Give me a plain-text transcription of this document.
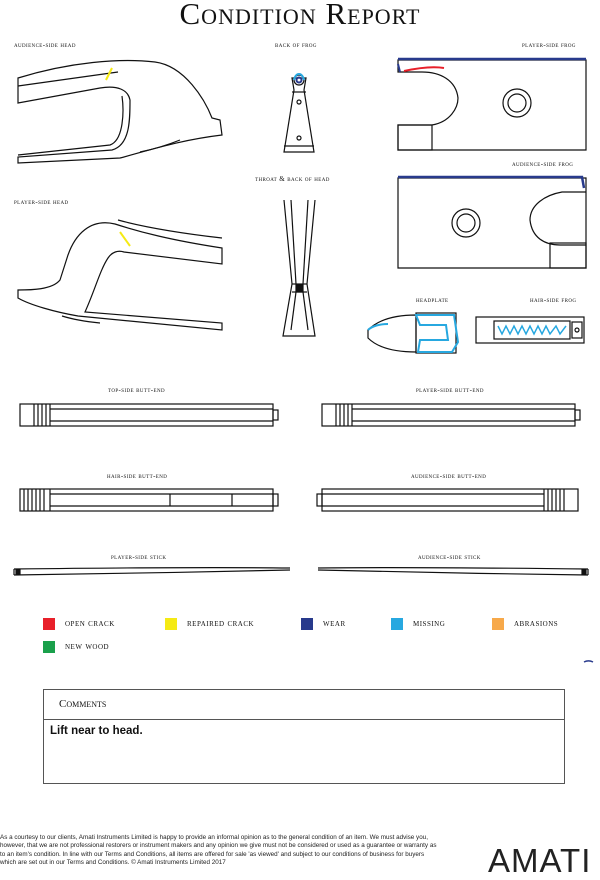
Condition Report
audience-side head	back of frog	player-side frog
audience-side frog
throat & back of head
player-side head
headplate	hair-side frog
top-side butt-end	player-side butt-end
hair-side butt-end	audience-side butt-end
player-side stick	audience-side stick
open crack	repaired crack	wear	missing	abrasions
new wood
Comments
Lift near to head.
As a courtesy to our clients, Amati Instruments Limited is happy to provide an informal opinion as to the general condition of an item. We must advise you, however, that we are not professional restorers or instrument makers and any opinion we give must not be considered or used as a guarantee or warranty as to an item's condition. In line with our Terms and Conditions, all items are offered for sale 'as viewed' and subject to our conditions of business for buyers which are set out in our Terms and Conditions. © Amati Instruments Limited 2017	AMATI
